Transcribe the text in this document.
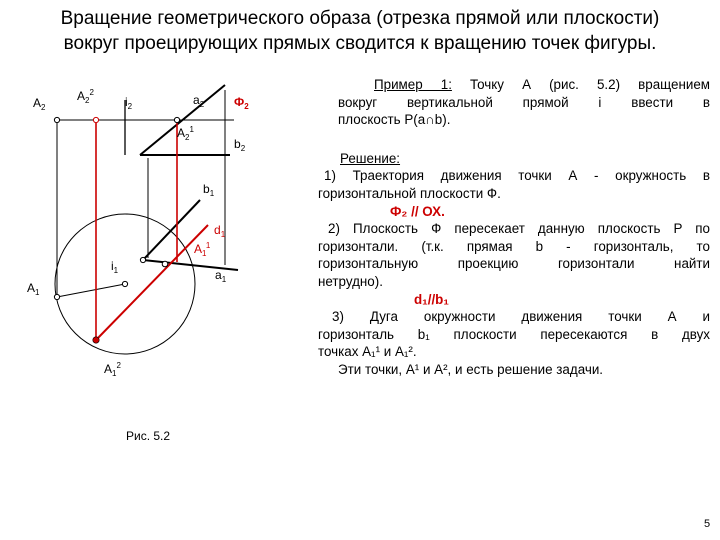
Вращение геометрического образа (отрезка прямой или плоскости)
вокруг проецирующих прямых сводится к вращению точек фигуры.
$A_2$
$A_2^2$
$i_2$	$a_2$ $Ф_2$
$A_2^1$
$b_2$
$b_1$
$d_1$
$A_1^1$
$i_1$	$a_1$
$A_1$
$A_1^2$
Рис. 5.2
Пример 1: Точку А (рис. 5.2) вращением
вокруг вертикальной прямой i ввести в
плоскость P(a∩b).
Решение:
1) Траектория движения точки А - окружность в
горизонтальной плоскости Ф.
Ф₂ // ОХ.
2) Плоскость Ф пересекает данную плоскость P по
горизонтали. (т.к. прямая b - горизонталь, то
горизонтальную проекцию горизонтали найти
нетрудно).
d₁//b₁
3) Дуга окружности движения точки А и
горизонталь b₁ плоскости пересекаются в двух
точках А₁¹ и А₁².
Эти точки, А¹ и А², и есть решение задачи.
5
